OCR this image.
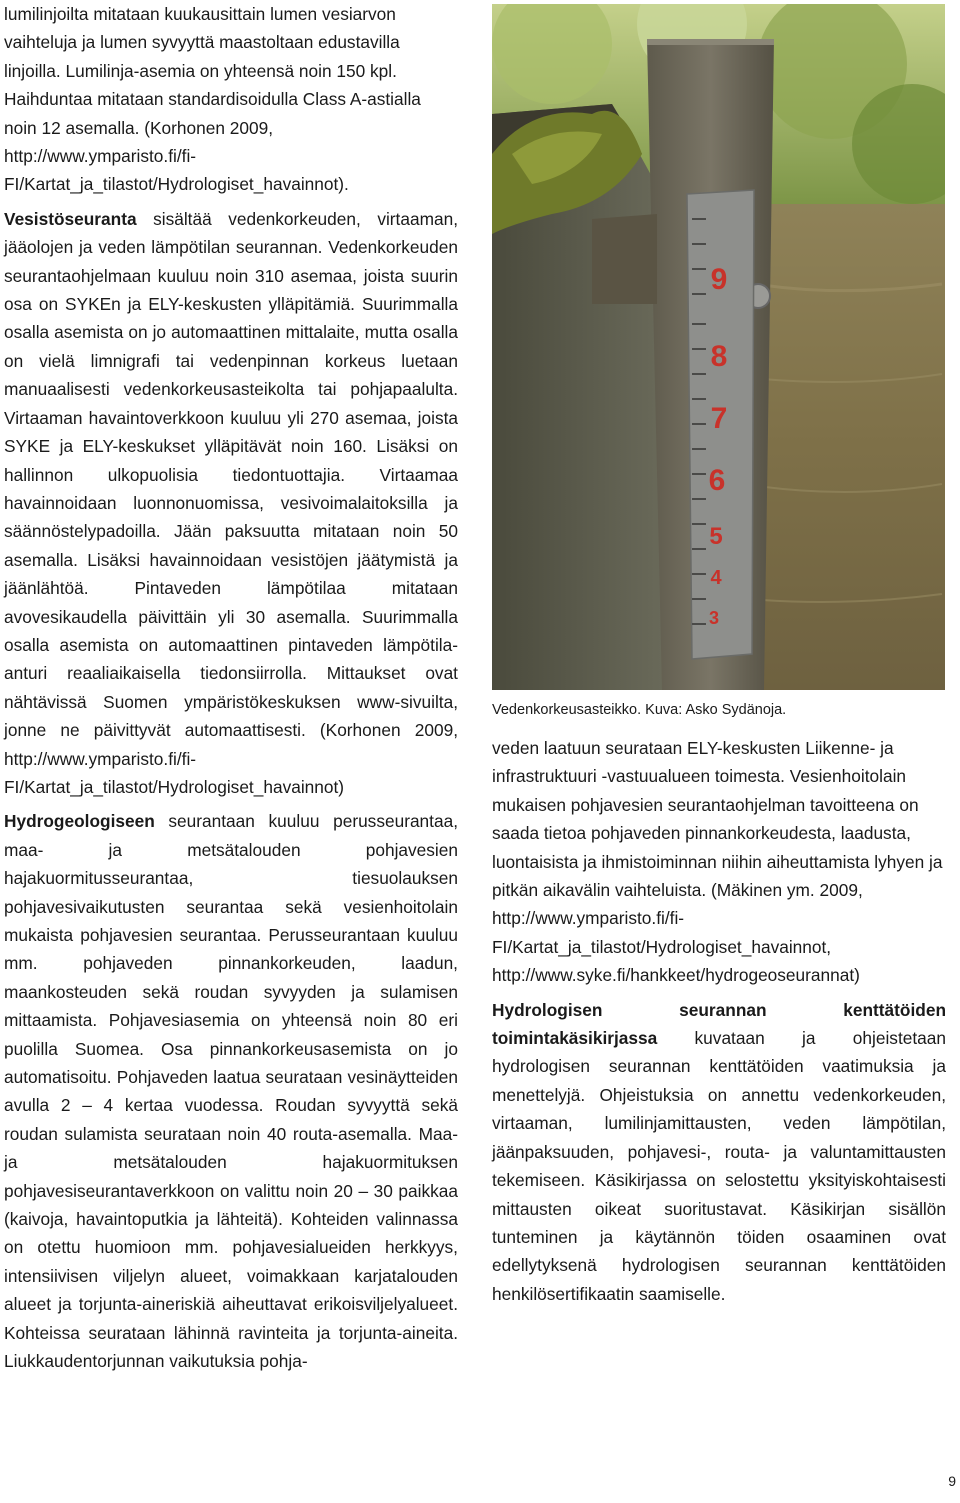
lumilinjoilta mitataan kuukausittain lumen vesiarvon vaihteluja ja lumen syvyyttä maastoltaan edustavilla linjoilla. Lumilinja-asemia on yhteensä noin 150 kpl. Haihduntaa mitataan standardisoidulla Class A-astialla noin 12 asemalla. (Korhonen 2009, http://www.ymparisto.fi/fi-FI/Kartat_ja_tilastot/Hydrologiset_havainnot).

Vesistöseuranta sisältää vedenkorkeuden, virtaaman, jääolojen ja veden lämpötilan seurannan. Vedenkorkeuden seurantaohjelmaan kuuluu noin 310 asemaa, joista suurin osa on SYKEn ja ELY-keskusten ylläpitämiä. Suurimmalla osalla asemista on jo automaattinen mittalaite, mutta osalla on vielä limnigrafi tai vedenpinnan korkeus luetaan manuaalisesti vedenkorkeusasteikolta tai pohjapaalulta. Virtaaman havaintoverkkoon kuuluu yli 270 asemaa, joista SYKE ja ELY-keskukset ylläpitävät noin 160. Lisäksi on hallinnon ulkopuolisia tiedontuottajia. Virtaamaa havainnoidaan luonnonuomissa, vesivoimalaitoksilla ja säännöstelypadoilla. Jään paksuutta mitataan noin 50 asemalla. Lisäksi havainnoidaan vesistöjen jäätymistä ja jäänlähtöä. Pintaveden lämpötilaa mitataan avovesikaudella päivittäin yli 30 asemalla. Suurimmalla osalla asemista on automaattinen pintaveden lämpötila-anturi reaaliaikaisella tiedonsiirrolla. Mittaukset ovat nähtävissä Suomen ympäristökeskuksen www-sivuilta, jonne ne päivittyvät automaattisesti. (Korhonen 2009, http://www.ymparisto.fi/fi-FI/Kartat_ja_tilastot/Hydrologiset_havainnot)

Hydrogeologiseen seurantaan kuuluu perusseurantaa, maa- ja metsätalouden pohjavesien hajakuormitusseurantaa, tiesuolauksen pohjavesivaikutusten seurantaa sekä vesienhoitolain mukaista pohjavesien seurantaa. Perusseurantaan kuuluu mm. pohjaveden pinnankorkeuden, laadun, maankosteuden sekä roudan syvyyden ja sulamisen mittaamista. Pohjavesiasemia on yhteensä noin 80 eri puolilla Suomea. Osa pinnankorkeusasemista on jo automatisoitu. Pohjaveden laatua seurataan vesinäytteiden avulla 2 – 4 kertaa vuodessa. Roudan syvyyttä sekä roudan sulamista seurataan noin 40 routa-asemalla. Maa- ja metsätalouden hajakuormituksen pohjavesiseurantaverkkoon on valittu noin 20 – 30 paikkaa (kaivoja, havaintoputkia ja lähteitä). Kohteiden valinnassa on otettu huomioon mm. pohjavesialueiden herkkyys, intensiivisen viljelyn alueet, voimakkaan karjatalouden alueet ja torjunta-aineriskiä aiheuttavat erikoisviljelyalueet. Kohteissa seurataan lähinnä ravinteita ja torjunta-aineita. Liukkaudentorjunnan vaikutuksia pohja-

9
8
7
6
5
4
3
Vedenkorkeusasteikko. Kuva: Asko Sydänoja.

veden laatuun seurataan ELY-keskusten Liikenne- ja infrastruktuuri -vastuualueen toimesta. Vesienhoitolain mukaisen pohjavesien seurantaohjelman tavoitteena on saada tietoa pohjaveden pinnankorkeudesta, laadusta, luontaisista ja ihmistoiminnan niihin aiheuttamista lyhyen ja pitkän aikavälin vaihteluista. (Mäkinen ym. 2009, http://www.ymparisto.fi/fi-FI/Kartat_ja_tilastot/Hydrologiset_havainnot, http://www.syke.fi/hankkeet/hydrogeoseurannat)

Hydrologisen seurannan kenttätöiden toimintakäsikirjassa kuvataan ja ohjeistetaan hydrologisen seurannan kenttätöiden vaatimuksia ja menettelyjä. Ohjeistuksia on annettu vedenkorkeuden, virtaaman, lumilinjamittausten, veden lämpötilan, jäänpaksuuden, pohjavesi-, routa- ja valuntamittausten tekemiseen. Käsikirjassa on selostettu yksityiskohtaisesti mittausten oikeat suoritustavat. Käsikirjan sisällön tunteminen ja käytännön töiden osaaminen ovat edellytyksenä hydrologisen seurannan kenttätöiden henkilösertifikaatin saamiselle.

9
